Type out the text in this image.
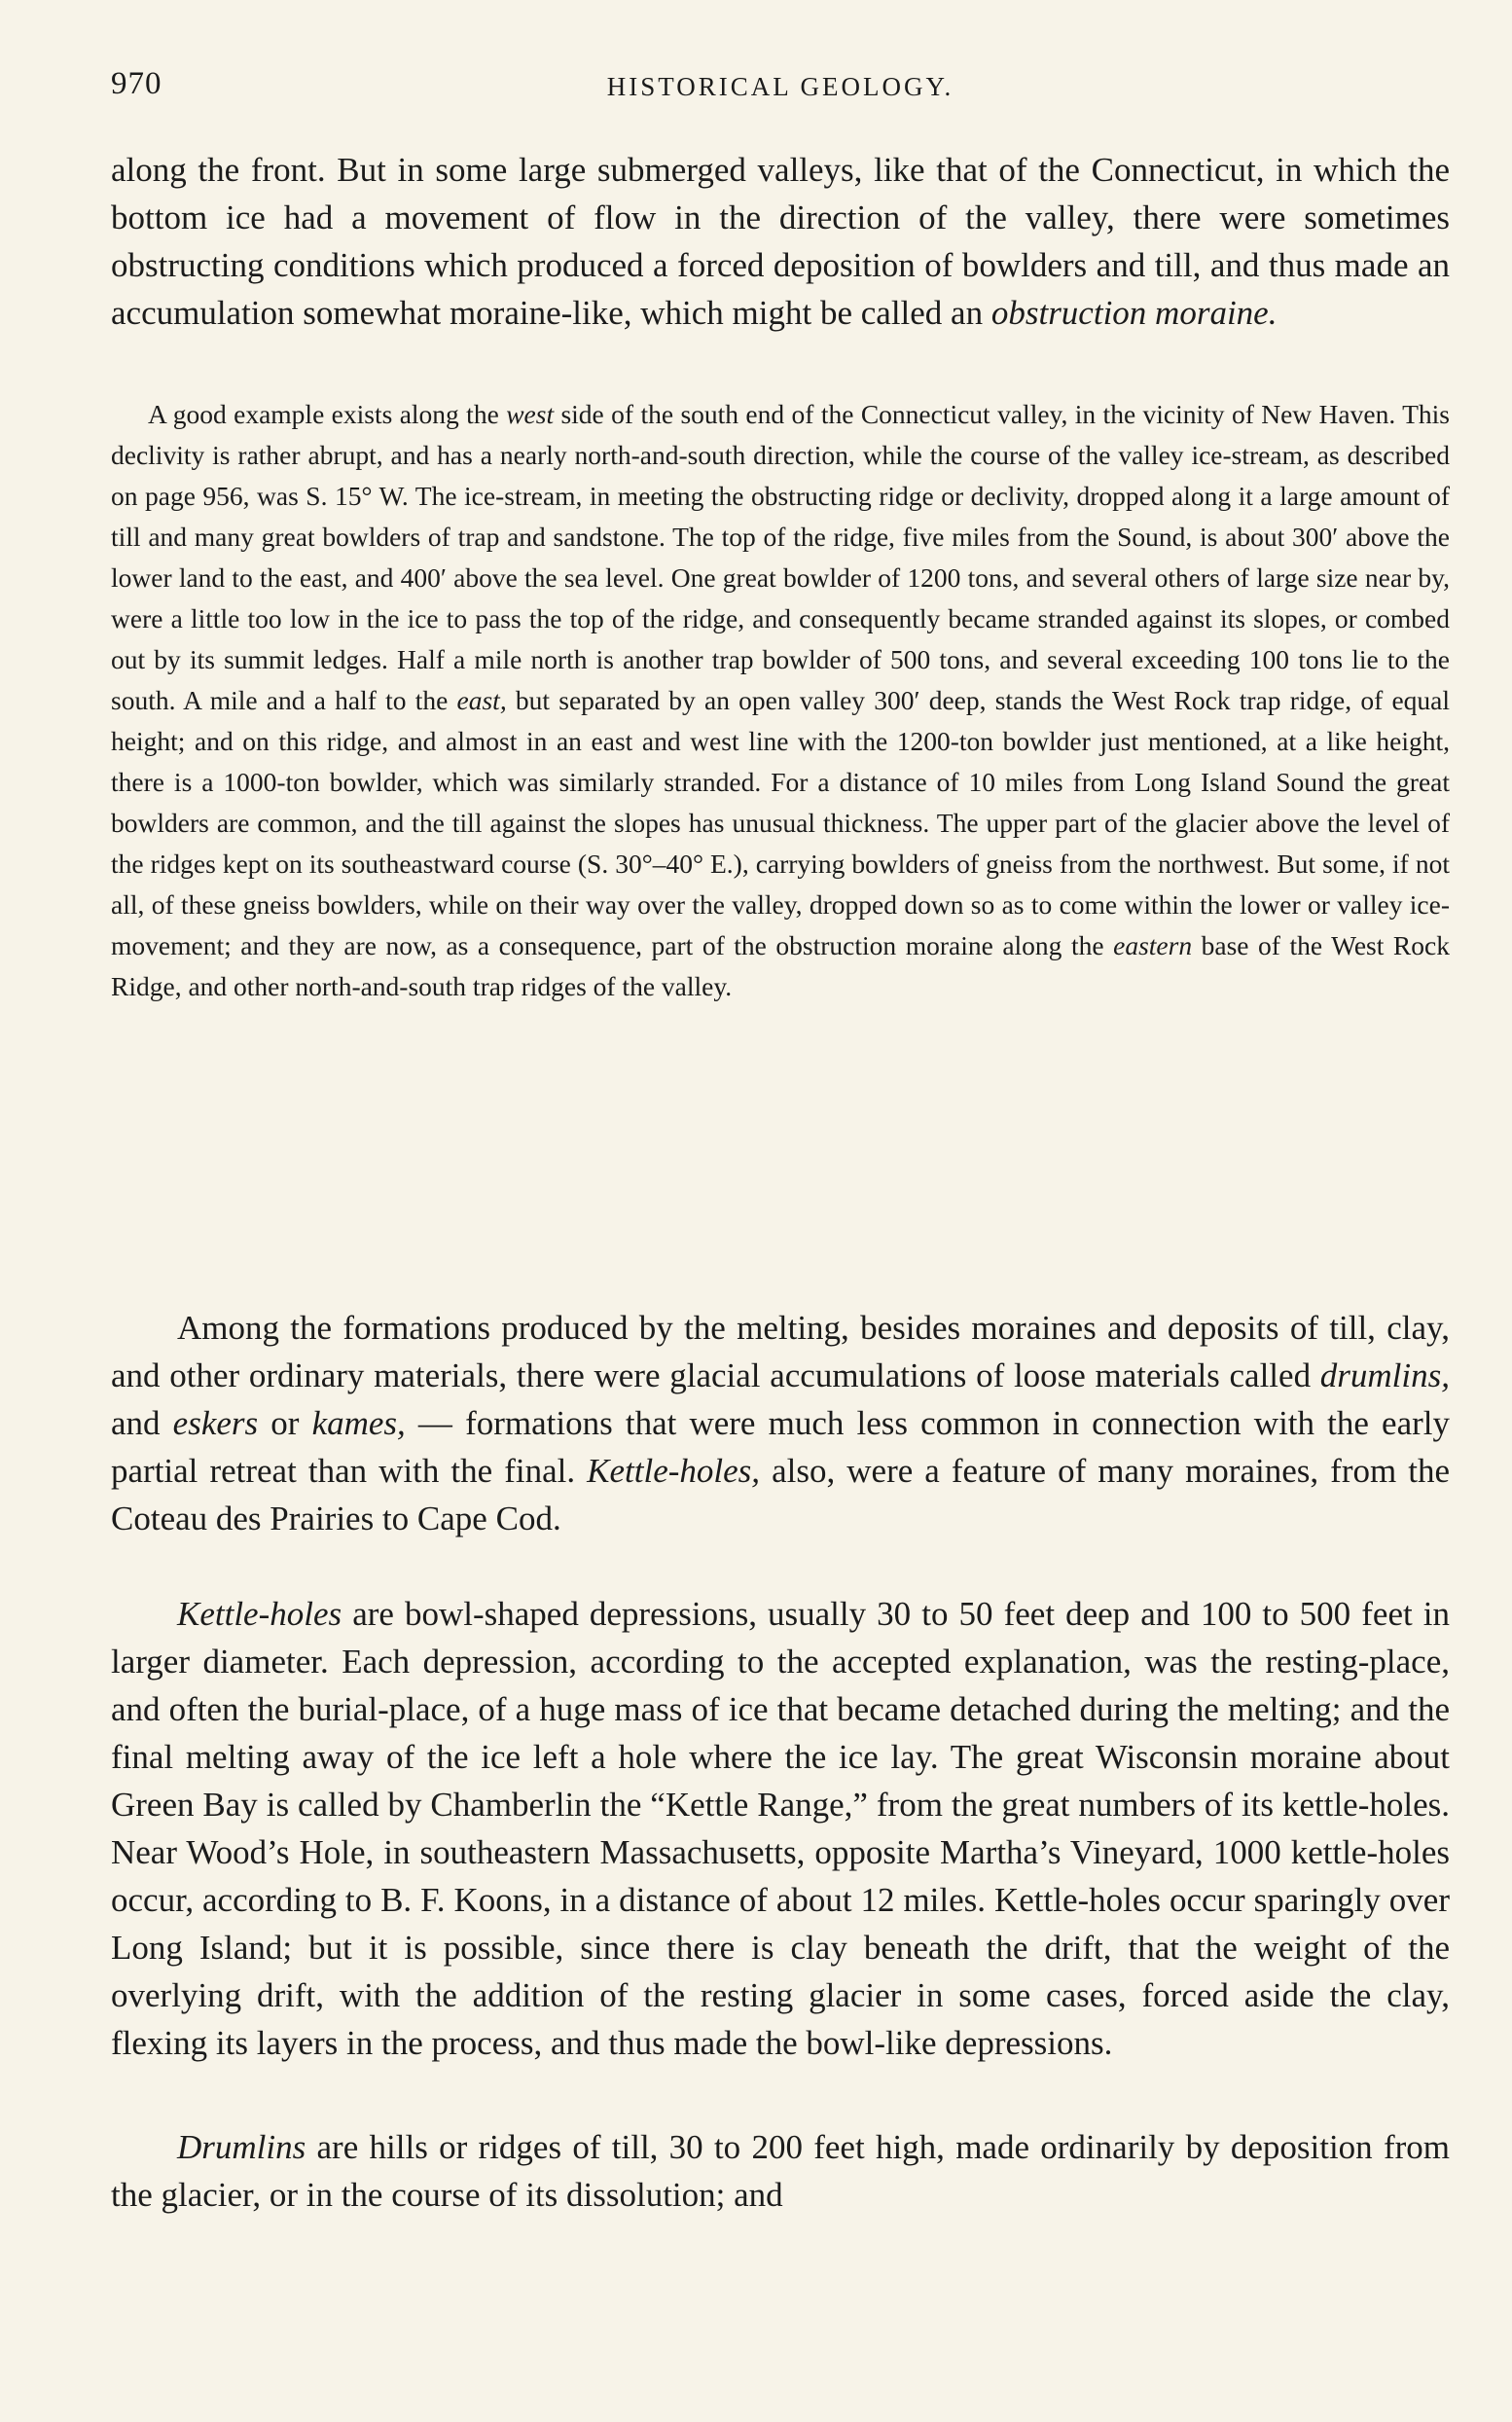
970	HISTORICAL GEOLOGY.

along the front. But in some large submerged valleys, like that of the Connecticut, in which the bottom ice had a movement of flow in the direction of the valley, there were sometimes obstructing conditions which produced a forced deposition of bowlders and till, and thus made an accumulation somewhat moraine-like, which might be called an obstruction moraine.

A good example exists along the west side of the south end of the Connecticut valley, in the vicinity of New Haven. This declivity is rather abrupt, and has a nearly north-and-south direction, while the course of the valley ice-stream, as described on page 956, was S. 15° W. The ice-stream, in meeting the obstructing ridge or declivity, dropped along it a large amount of till and many great bowlders of trap and sandstone. The top of the ridge, five miles from the Sound, is about 300′ above the lower land to the east, and 400′ above the sea level. One great bowlder of 1200 tons, and several others of large size near by, were a little too low in the ice to pass the top of the ridge, and consequently became stranded against its slopes, or combed out by its summit ledges. Half a mile north is another trap bowlder of 500 tons, and several exceeding 100 tons lie to the south. A mile and a half to the east, but separated by an open valley 300′ deep, stands the West Rock trap ridge, of equal height; and on this ridge, and almost in an east and west line with the 1200-ton bowlder just mentioned, at a like height, there is a 1000-ton bowlder, which was similarly stranded. For a distance of 10 miles from Long Island Sound the great bowlders are common, and the till against the slopes has unusual thickness. The upper part of the glacier above the level of the ridges kept on its southeastward course (S. 30°–40° E.), carrying bowlders of gneiss from the northwest. But some, if not all, of these gneiss bowlders, while on their way over the valley, dropped down so as to come within the lower or valley ice-movement; and they are now, as a consequence, part of the obstruction moraine along the eastern base of the West Rock Ridge, and other north-and-south trap ridges of the valley.

Among the formations produced by the melting, besides moraines and deposits of till, clay, and other ordinary materials, there were glacial accumulations of loose materials called drumlins, and eskers or kames, — formations that were much less common in connection with the early partial retreat than with the final. Kettle-holes, also, were a feature of many moraines, from the Coteau des Prairies to Cape Cod.

Kettle-holes are bowl-shaped depressions, usually 30 to 50 feet deep and 100 to 500 feet in larger diameter. Each depression, according to the accepted explanation, was the resting-place, and often the burial-place, of a huge mass of ice that became detached during the melting; and the final melting away of the ice left a hole where the ice lay. The great Wisconsin moraine about Green Bay is called by Chamberlin the “Kettle Range,” from the great numbers of its kettle-holes. Near Wood’s Hole, in southeastern Massachusetts, opposite Martha’s Vineyard, 1000 kettle-holes occur, according to B. F. Koons, in a distance of about 12 miles. Kettle-holes occur sparingly over Long Island; but it is possible, since there is clay beneath the drift, that the weight of the overlying drift, with the addition of the resting glacier in some cases, forced aside the clay, flexing its layers in the process, and thus made the bowl-like depressions.

Drumlins are hills or ridges of till, 30 to 200 feet high, made ordinarily by deposition from the glacier, or in the course of its dissolution; and
